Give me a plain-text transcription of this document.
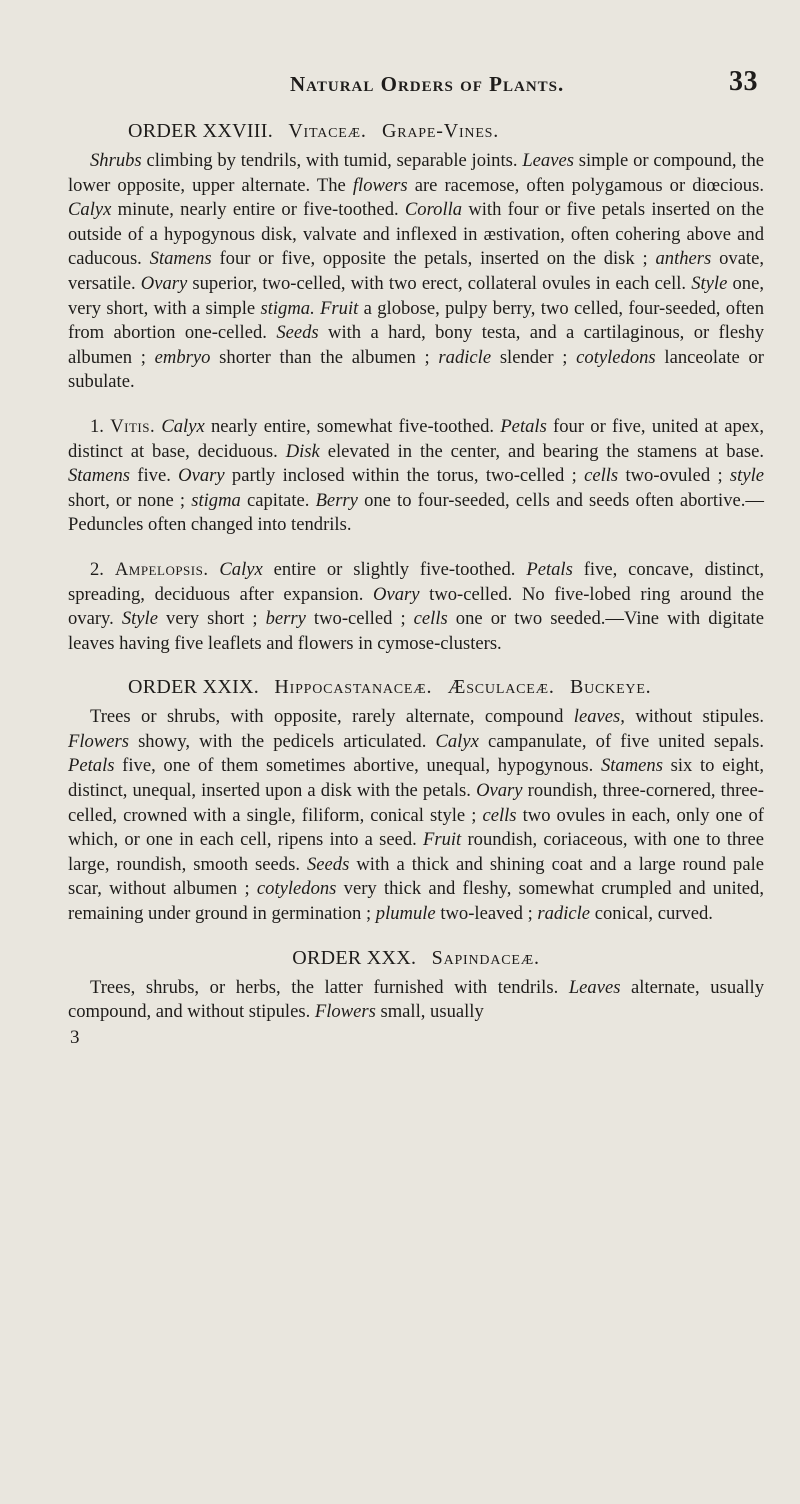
Natural Orders of Plants.	33
ORDER XXVIII. Vitaceæ. Grape-Vines.

Shrubs climbing by tendrils, with tumid, separable joints. Leaves simple or compound, the lower opposite, upper alternate. The flowers are racemose, often polygamous or diœcious. Calyx minute, nearly entire or five-toothed. Corolla with four or five petals inserted on the outside of a hypogynous disk, valvate and inflexed in æstivation, often cohering above and caducous. Stamens four or five, opposite the petals, inserted on the disk ; anthers ovate, versatile. Ovary superior, two-celled, with two erect, collateral ovules in each cell. Style one, very short, with a simple stigma. Fruit a globose, pulpy berry, two celled, four-seeded, often from abortion one-celled. Seeds with a hard, bony testa, and a cartilaginous, or fleshy albumen ; embryo shorter than the albumen ; radicle slender ; cotyledons lanceolate or subulate.

1. Vitis. Calyx nearly entire, somewhat five-toothed. Petals four or five, united at apex, distinct at base, deciduous. Disk elevated in the center, and bearing the stamens at base. Stamens five. Ovary partly inclosed within the torus, two-celled ; cells two-ovuled ; style short, or none ; stigma capitate. Berry one to four-seeded, cells and seeds often abortive.—Peduncles often changed into tendrils.

2. Ampelopsis. Calyx entire or slightly five-toothed. Petals five, concave, distinct, spreading, deciduous after expansion. Ovary two-celled. No five-lobed ring around the ovary. Style very short ; berry two-celled ; cells one or two seeded.—Vine with digitate leaves having five leaflets and flowers in cymose-clusters.

ORDER XXIX. Hippocastanaceæ. Æsculaceæ. Buckeye.

Trees or shrubs, with opposite, rarely alternate, compound leaves, without stipules. Flowers showy, with the pedicels articulated. Calyx campanulate, of five united sepals. Petals five, one of them sometimes abortive, unequal, hypogynous. Stamens six to eight, distinct, unequal, inserted upon a disk with the petals. Ovary roundish, three-cornered, three-celled, crowned with a single, filiform, conical style ; cells two ovules in each, only one of which, or one in each cell, ripens into a seed. Fruit roundish, coriaceous, with one to three large, roundish, smooth seeds. Seeds with a thick and shining coat and a large round pale scar, without albumen ; cotyledons very thick and fleshy, somewhat crumpled and united, remaining under ground in germination ; plumule two-leaved ; radicle conical, curved.

ORDER XXX. Sapindaceæ.

Trees, shrubs, or herbs, the latter furnished with tendrils. Leaves alternate, usually compound, and without stipules. Flowers small, usually

3
